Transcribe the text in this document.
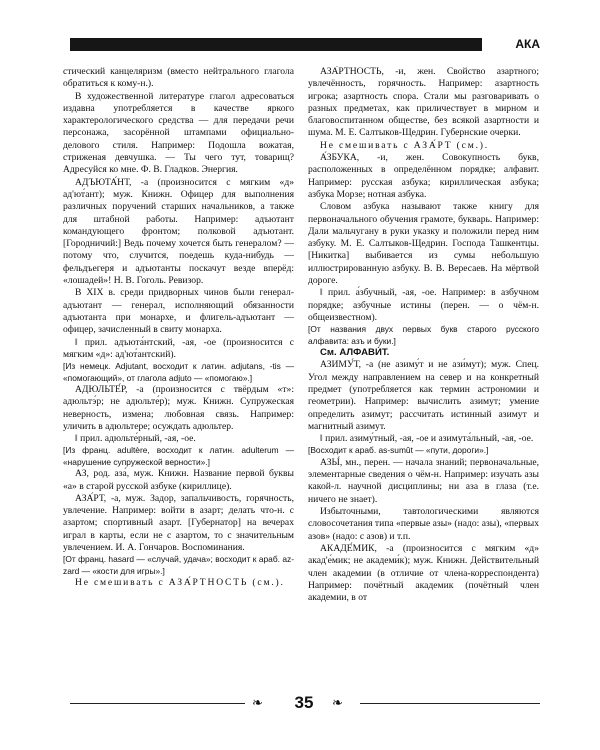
АКА

стический канцеляризм (вместо нейтрального глагола обратиться к кому-н.).

В художественной литературе глагол адресоваться издавна употребляется в качестве яркого характерологического средства — для передачи речи персонажа, засорённой штампами официально-делового стиля. Например: Подошла вожатая, стриженая девчушка. — Ты чего тут, товарищ? Адресуйся ко мне. Ф. В. Гладков. Энергия.

АДЪЮТА́НТ, -а (произносится с мягким «д» ад'ют́ант); муж. Книжн. Офицер для выполнения различных поручений старших начальников, а также для штабной работы. Например: адъютант командующего фронтом; полковой адъютант. [Городничий:] Ведь почему хочется быть генералом? — потому что, случится, поедешь куда-нибудь — фельдъегеря и адъютанты поскачут везде вперёд: «лошадей»! Н. В. Гоголь. Ревизор.

В XIX в. среди придворных чинов были генерал-адъютант — генерал, исполняющий обязанности адъютанта при монархе, и флигель-адъютант — офицер, зачисленный в свиту монарха.

‖ прил. адъюта́нтский, -ая, -ое (произносится с мягким «д»: ад'ют́антский).

[Из немецк. Adjutant, восходит к латин. adjutans, -tis — «помогающий», от глагола adjuto — «помогаю».]

АДЮЛЬТЕ́Р, -а (произносится с твёрдым «т»: адюльтэ́р; не адюльте́р); муж. Книжн. Супружеская неверность, измена; любовная связь. Например: уличить в адюльтере; осуждать адюльтер.

‖ прил. адюльте́рный, -ая, -ое.

[Из франц. adultère, восходит к латин. adulterum — «нарушение супружеской верности».]

АЗ, род. аза́, муж. Книжн. Название первой буквы «а» в старой русской азбуке (кириллице).

АЗА́РТ, -а, муж. Задор, запальчивость, горячность, увлечение. Например: войти в азарт; делать что-н. с азартом; спортивный азарт. [Губернатор] на вечерах играл в карты, если не с азартом, то с значительным увлечением. И. А. Гончаров. Воспоминания.

[От франц. hasard — «случай, удача»; восходит к араб. az-zard — «кости для игры».]

Не смешивать с АЗА́РТНОСТЬ (см.).

АЗА́РТНОСТЬ, -и, жен. Свойство азартного; увлечённость, горячность. Например: азартность игрока; азартность спора. Стали мы разговаривать о разных предметах, как приличествует в мирном и благовоспитанном обществе, без всякой азартности и шума. М. Е. Салтыков-Щедрин. Губернские очерки.

Не смешивать с АЗА́РТ (см.).

А́ЗБУКА, -и, жен. Совокупность букв, расположенных в определённом порядке; алфавит. Например: русская азбука; кириллическая азбука; азбука Морзе; нотная азбука.

Словом азбука называют также книгу для первоначального обучения грамоте, букварь. Например: Дали мальчугану в руки указку и положили перед ним азбуку. М. Е. Салтыков-Щедрин. Господа Ташкентцы. [Никитка] выбивается из сумы небольшую иллюстрированную азбуку. В. В. Вересаев. На мёртвой дороге.

‖ прил. а́збучный, -ая, -ое. Например: в азбучном порядке; азбучные истины (перен. — о чём-н. общеизвестном).

[От названия двух первых букв старого русского алфавита: азъ и буки.]

См. АЛФАВИ́Т.

АЗИМУ́Т, -а (не азиму́т и не ази́мут); муж. Спец. Угол между направлением на север и на конкретный предмет (употребляется как термин астрономии и геометрии). Например: вычислить азимут; умение определить азимут; рассчитать истинный азимут и магнитный азимут.

‖ прил. азиму́тный, -ая, -ое и азимута́льный, -ая, -ое.

[Восходит к араб. as-sumût — «пути, дороги».]

АЗЫ́, мн., перен. — начала знаний; первоначальные, элементарные сведения о чём-н. Например: изучать азы какой-л. научной дисциплины; ни аза в глаза (т.е. ничего не знает).

Избыточными, тавтологическими являются словосочетания типа «первые азы» (надо: азы), «первых азов» (надо: с азов) и т.п.

АКАДЕ́МИК, -а (произносится с мягким «д» акад'е́мик; не академи́к); муж. Книжн. Действительный член академии (в отличие от члена-корреспондента) Например: почётный академик (почётный член академии, в от

❧	35	❧
